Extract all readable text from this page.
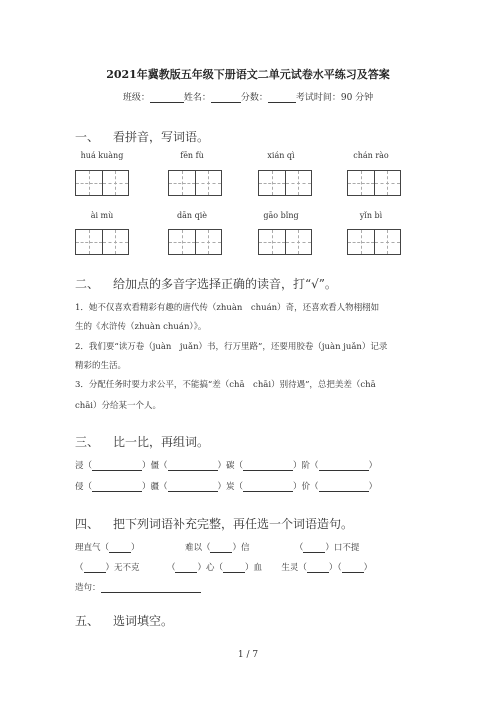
2021年冀教版五年级下册语文二单元试卷水平练习及答案
班级：	姓名：	分数：	考试时间：90 分钟
一、 看拼音，写词语。
huá kuàng	fēn fù	xián qì	chán rào
ài mù	dān qiè	gāo bǐng	yǐn bì
二、 给加点的多音字选择正确的读音，打“√”。
1．她不仅喜欢看精彩有趣的唐代传（zhuàn　chuán）奇，还喜欢看人物栩栩如
生的《水浒传（zhuàn chuán）》。
2．我们要“读万卷（juàn　juǎn）书，行万里路”，还要用胶卷（juàn juǎn）记录
精彩的生活。
3．分配任务时要力求公平，不能搞“差（chā　chāi）别待遇”，总把美差（chā
chāi）分给某一个人。
三、 比一比，再组词。
浸（	）僵（	）碳（	）阶（	）
侵（	）疆（	）炭（	）价（	）
四、 把下列词语补充完整，再任选一个词语造句。
理直气（	）	难以（	）信	（	）口不提
（	）无不克	（	）心（	）血 生灵（	）（	）
造句：
五、 选词填空。
1 / 7
